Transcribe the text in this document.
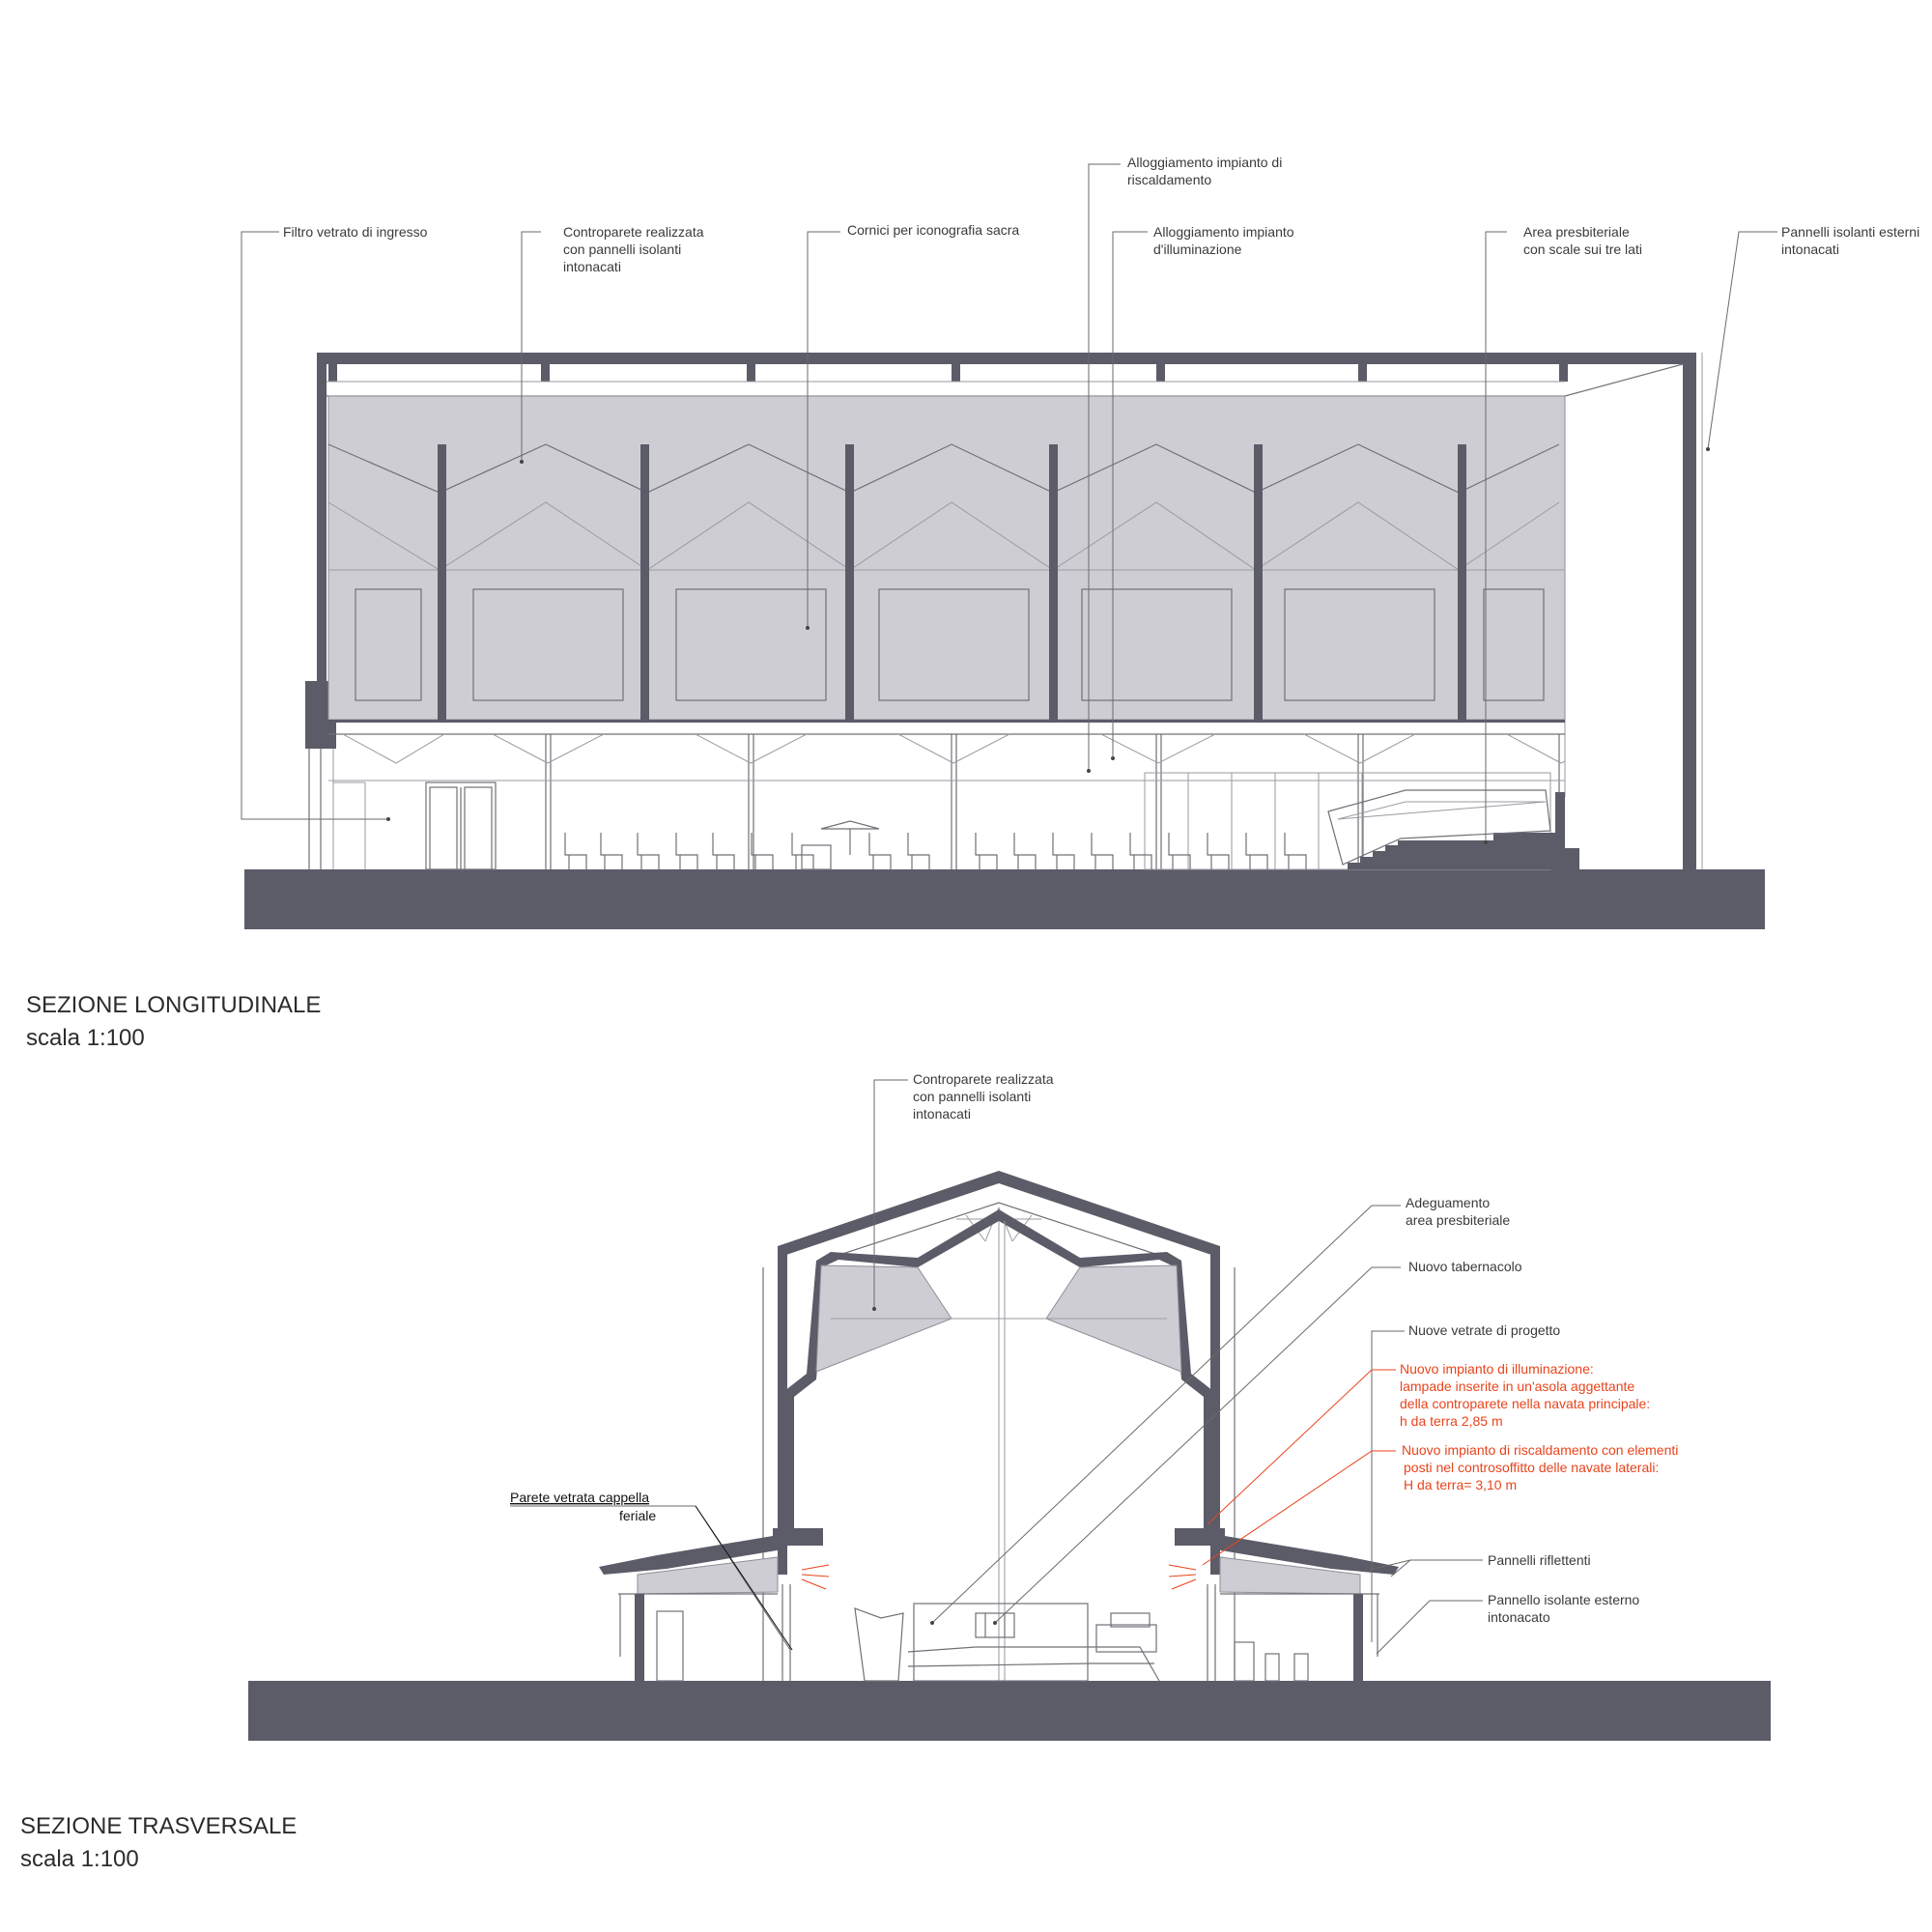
Filtro vetrato di ingresso	Controparete realizzata
con pannelli isolanti
intonacati
Cornici per iconografia sacra
Alloggiamento impianto di
riscaldamento
Alloggiamento impianto
d'illuminazione
Area presbiteriale
con scale sui tre lati
Pannelli isolanti esterni
intonacati
SEZIONE LONGITUDINALE
scala 1:100
Controparete realizzata
con pannelli isolanti
intonacati
Adeguamento
area presbiteriale
Nuovo tabernacolo
Nuove vetrate di progetto
Nuovo impianto di illuminazione:
lampade inserite in un'asola aggettante
della controparete nella navata principale:
h da terra 2,85 m
Nuovo impianto di riscaldamento con elementi
posti nel controsoffitto delle navate laterali:
H da terra= 3,10 m
Parete vetrata cappella
feriale
Pannelli riflettenti
Pannello isolante esterno
intonacato
SEZIONE TRASVERSALE
scala 1:100
